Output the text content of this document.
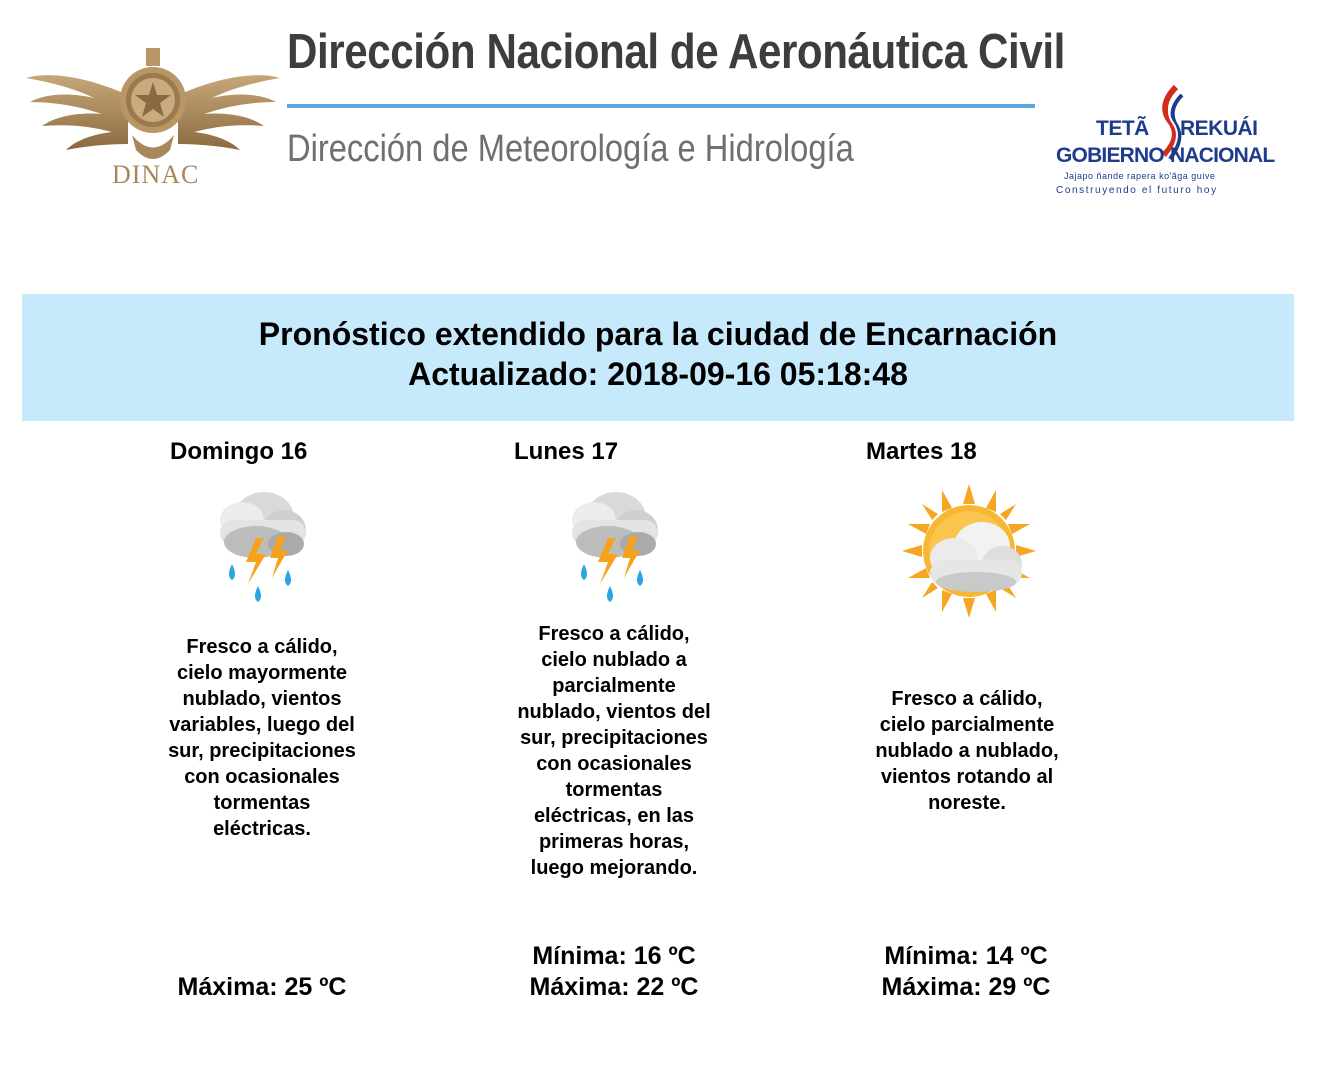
DINAC
Dirección Nacional de Aeronáutica Civil
Dirección de Meteorología e Hidrología	TETÃ REKUÁI
GOBIERNO NACIONAL
Jajapo ñande rapera ko'ãga guive
Construyendo el futuro hoy
Pronóstico extendido para la ciudad de Encarnación
Actualizado: 2018-09-16 05:18:48
Domingo 16
Fresco a cálido, cielo mayormente nublado, vientos variables, luego del sur, precipitaciones con ocasionales tormentas eléctricas.
Máxima: 25 ºC
Lunes 17
Fresco a cálido, cielo nublado a parcialmente nublado, vientos del sur, precipitaciones con ocasionales tormentas eléctricas, en las primeras horas, luego mejorando.
Mínima: 16 ºC
Máxima: 22 ºC
Martes 18
Fresco a cálido, cielo parcialmente nublado a nublado, vientos rotando al noreste.
Mínima: 14 ºC
Máxima: 29 ºC
